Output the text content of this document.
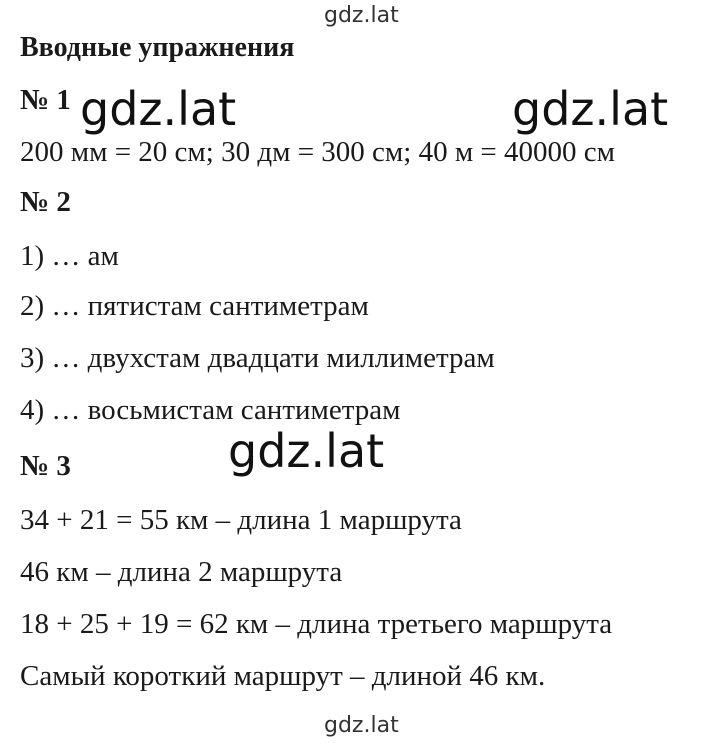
gdz.lat
Вводные упражнения
№ 1 gdz.lat	gdz.lat
200 мм = 20 см; 30 дм = 300 см; 40 м = 40000 см
№ 2
1) … ам
2) … пятистам сантиметрам
3) … двухстам двадцати миллиметрам
4) … восьмистам сантиметрам
gdz.lat
№ 3
34 + 21 = 55 км – длина 1 маршрута
46 км – длина 2 маршрута
18 + 25 + 19 = 62 км – длина третьего маршрута
Самый короткий маршрут – длиной 46 км.
gdz.lat
